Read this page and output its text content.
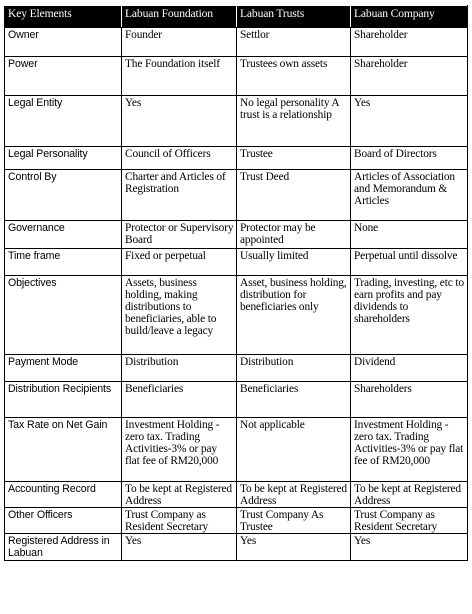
Key Elements	Labuan Foundation	Labuan Trusts	Labuan Company
Owner	Founder	Settlor	Shareholder
Power	The Foundation itself	Trustees own assets	Shareholder
Legal Entity	Yes	No legal personality A trust is a relationship	Yes
Legal Personality	Council of Officers	Trustee	Board of Directors
Control By	Charter and Articles of Registration	Trust Deed	Articles of Association and Memorandum & Articles
Governance	Protector or Supervisory Board	Protector may be appointed	None
Time frame	Fixed or perpetual	Usually limited	Perpetual until dissolve
Objectives	Assets, business holding, making distributions to beneficiaries, able to build/leave a legacy	Asset, business holding, distribution for beneficiaries only	Trading, investing, etc to earn profits and pay dividends to shareholders
Payment Mode	Distribution	Distribution	Dividend
Distribution Recipients	Beneficiaries	Beneficiaries	Shareholders
Tax Rate on Net Gain	Investment Holding - zero tax. Trading Activities-3% or pay flat fee of RM20,000	Not applicable	Investment Holding - zero tax. Trading Activities-3% or pay flat fee of RM20,000
Accounting Record	To be kept at Registered Address	To be kept at Registered Address	To be kept at Registered Address
Other Officers	Trust Company as Resident Secretary	Trust Company As Trustee	Trust Company as Resident Secretary
Registered Address in Labuan	Yes	Yes	Yes
